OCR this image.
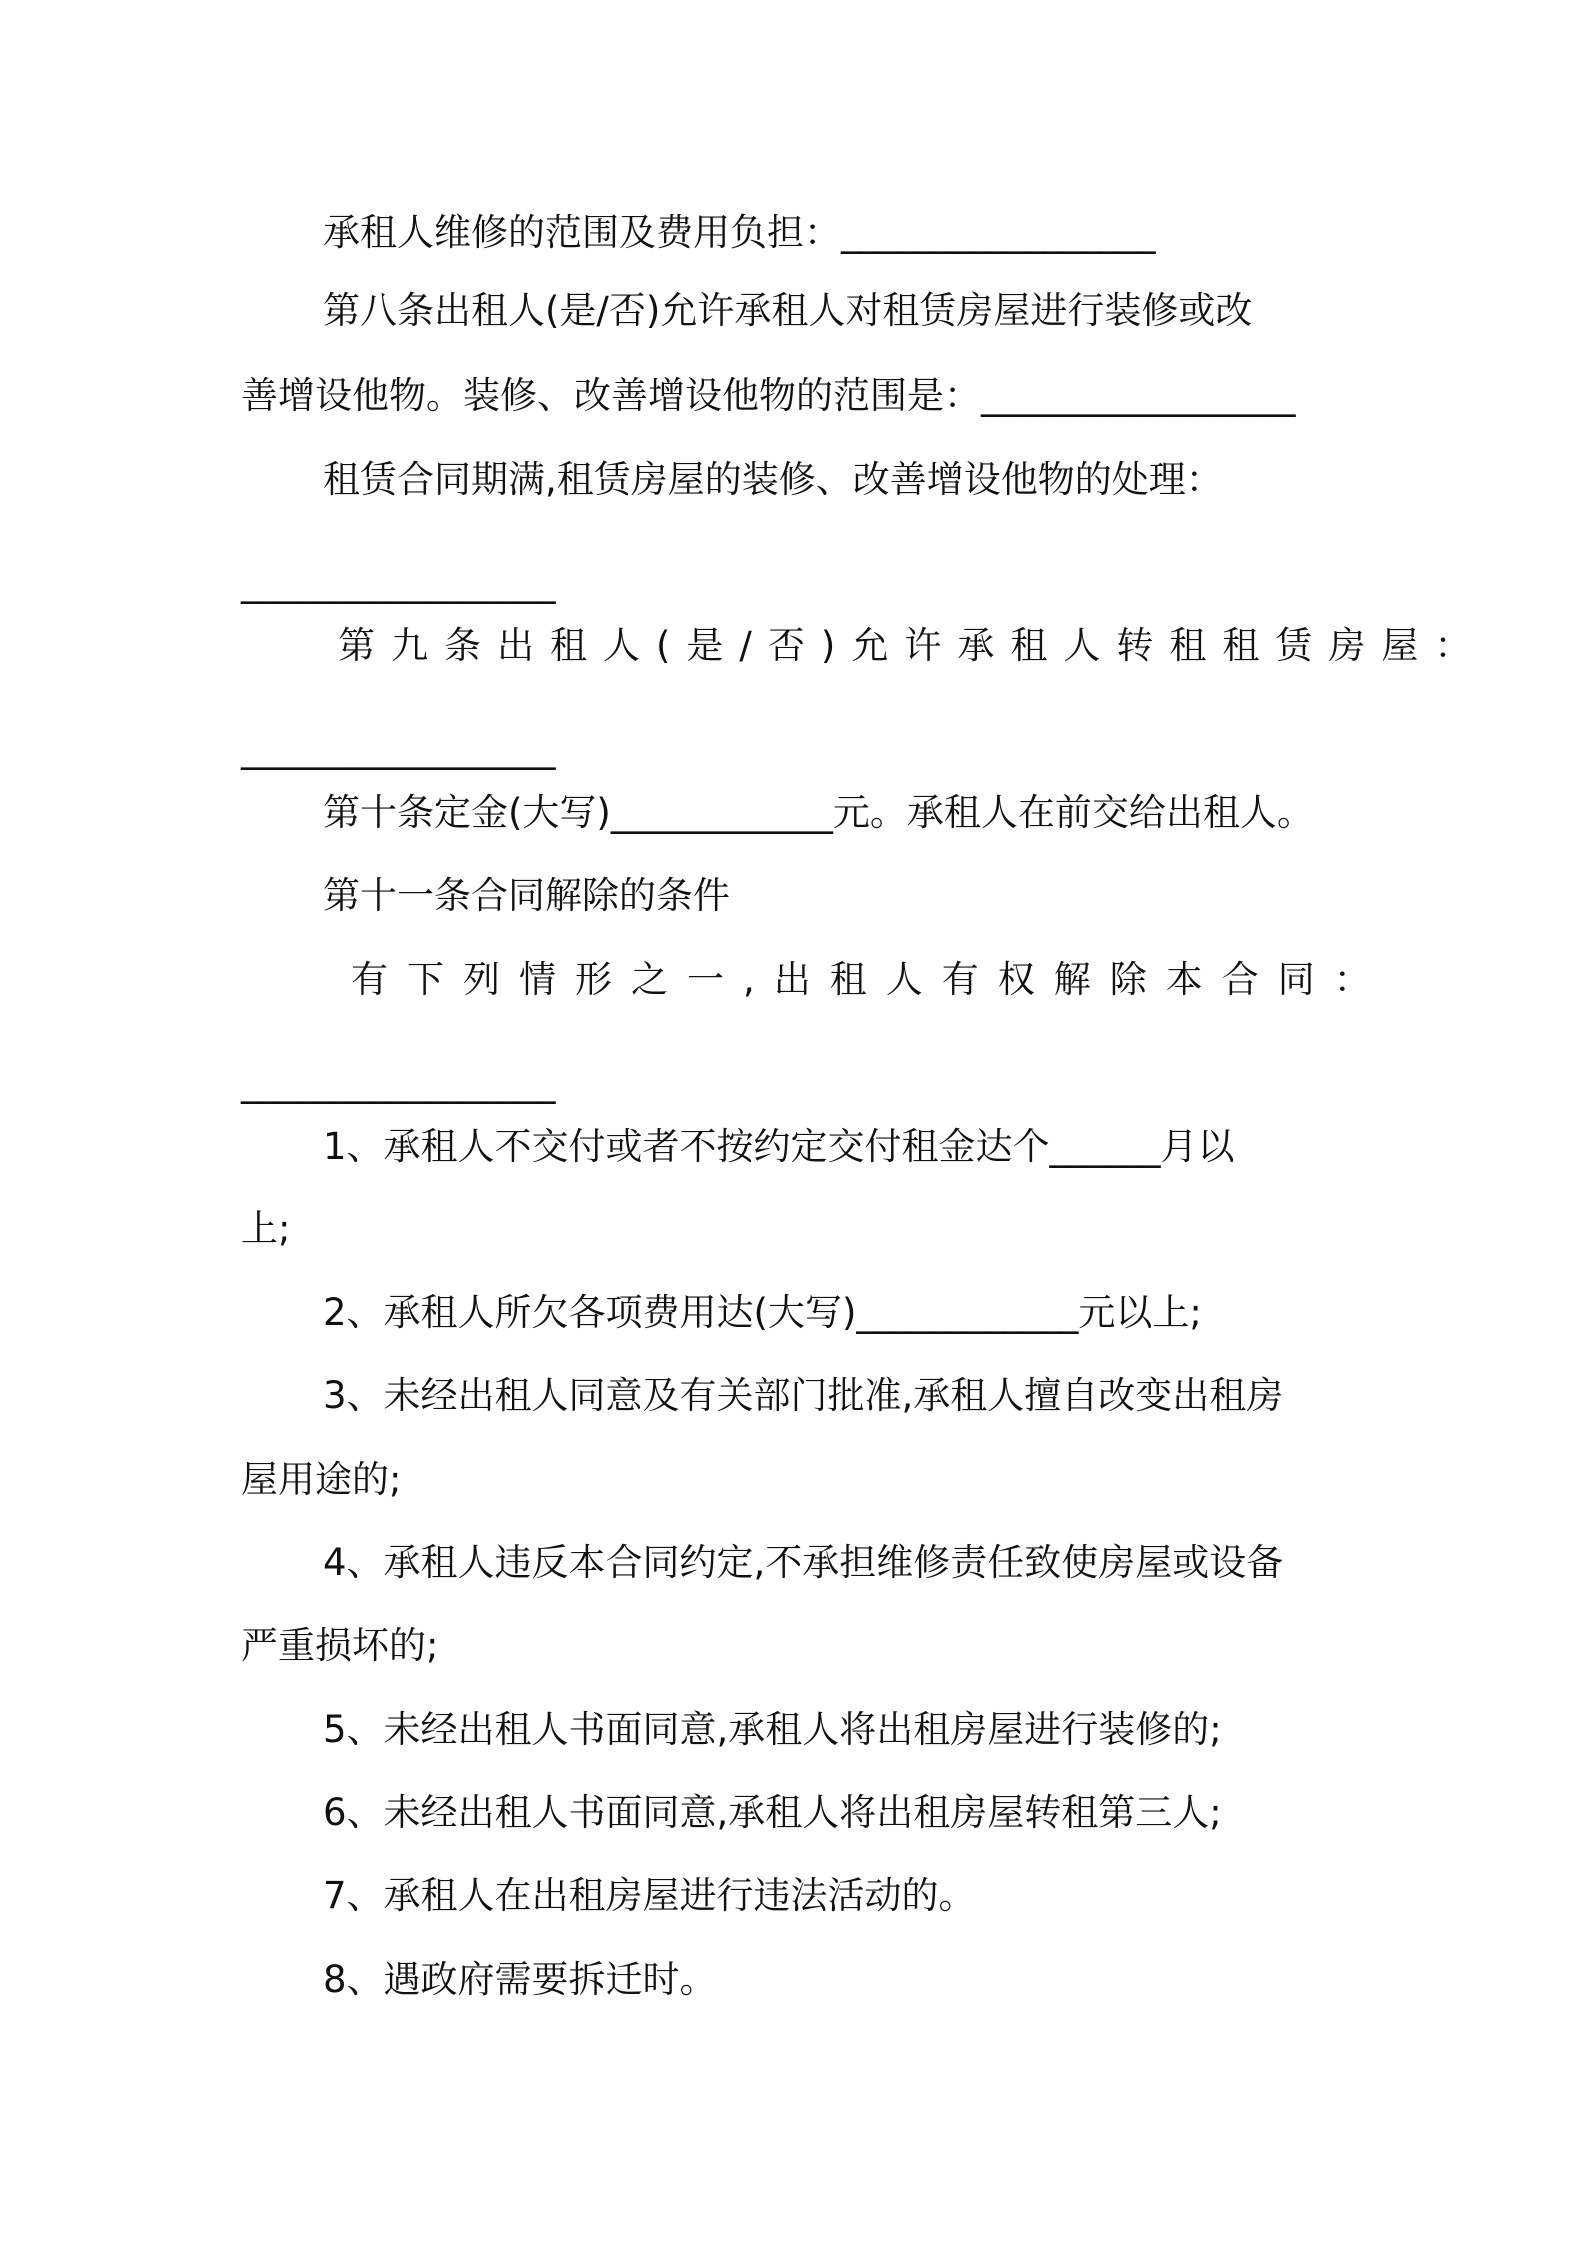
承租人维修的范围及费用负担：_________________

第八条出租人(是/否)允许承租人对租赁房屋进行装修或改

善增设他物。装修、改善增设他物的范围是：_________________

租赁合同期满,租赁房屋的装修、改善增设他物的处理：

_________________

第九条出租人(是/否)允许承租人转租租赁房屋：

_________________

第十条定金(大写)____________元。承租人在前交给出租人。

第十一条合同解除的条件

有下列情形之一,出租人有权解除本合同：

_________________

1、承租人不交付或者不按约定交付租金达个______月以

上;

2、承租人所欠各项费用达(大写)____________元以上;

3、未经出租人同意及有关部门批准,承租人擅自改变出租房

屋用途的;

4、承租人违反本合同约定,不承担维修责任致使房屋或设备

严重损坏的;

5、未经出租人书面同意,承租人将出租房屋进行装修的;

6、未经出租人书面同意,承租人将出租房屋转租第三人;

7、承租人在出租房屋进行违法活动的。

8、遇政府需要拆迁时。
